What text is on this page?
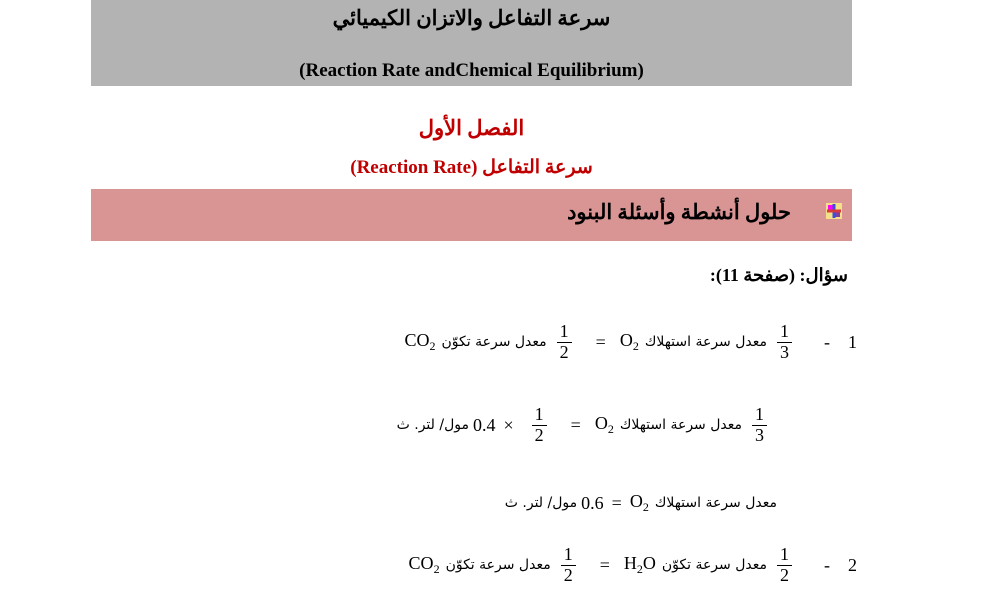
سرعة التفاعل والاتزان الكيميائي
(Reaction Rate andChemical Equilibrium)
الفصل الأول
سرعة التفاعل (Reaction Rate)
حلول أنشطة وأسئلة البنود
سؤال: (صفحة 11):
1
-
$\frac{1}{3}$
معدل سرعة استهلاك
$O_2$
=
$\frac{1}{2}$
معدل سرعة تكوّن
$CO_2$
$\frac{1}{3}$
معدل سرعة استهلاك
$O_2$
=
$\frac{1}{2}$
×
0.4
مول/ لتر. ث
معدل سرعة استهلاك
$O_2$
=
0.6
مول/ لتر. ث
2
-
$\frac{1}{2}$
معدل سرعة تكوّن
$H_2O$
=
$\frac{1}{2}$
معدل سرعة تكوّن
$CO_2$
